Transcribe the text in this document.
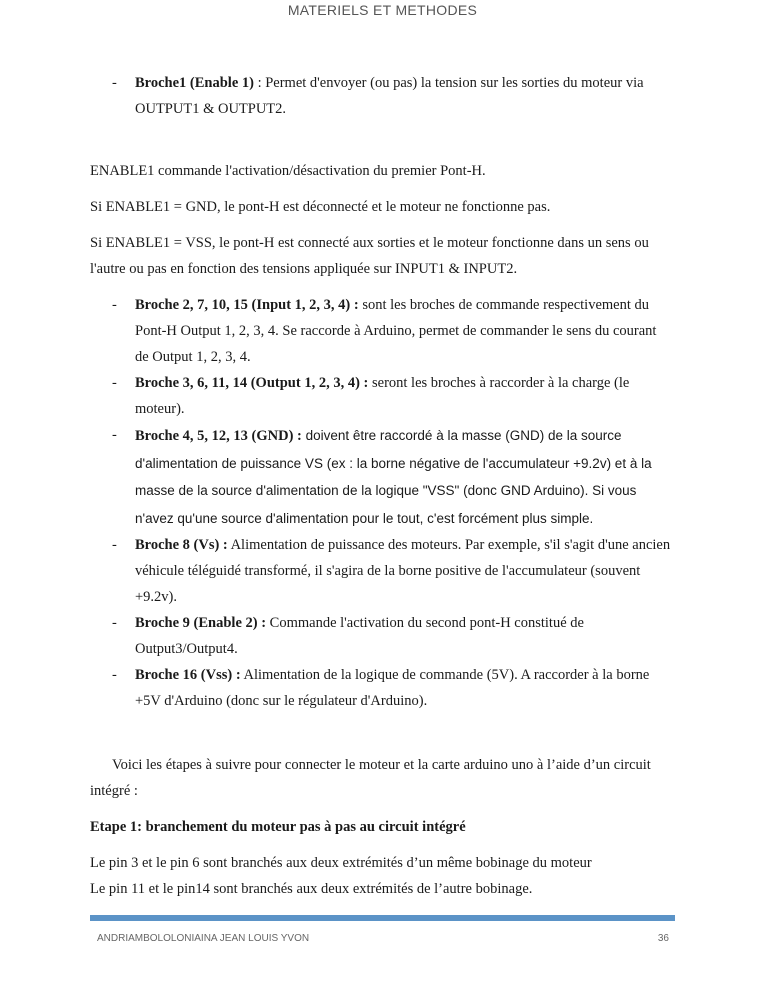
MATERIELS ET METHODES
- Broche1 (Enable 1) : Permet d'envoyer (ou pas) la tension sur les sorties du moteur via OUTPUT1 & OUTPUT2.

ENABLE1 commande l'activation/désactivation du premier Pont-H.

Si ENABLE1 = GND, le pont-H est déconnecté et le moteur ne fonctionne pas.

Si ENABLE1 = VSS, le pont-H est connecté aux sorties et le moteur fonctionne dans un sens ou l'autre ou pas en fonction des tensions appliquée sur INPUT1 & INPUT2.

- Broche 2, 7, 10, 15 (Input 1, 2, 3, 4) : sont les broches de commande respectivement du Pont-H Output 1, 2, 3, 4. Se raccorde à Arduino, permet de commander le sens du courant de Output 1, 2, 3, 4.
- Broche 3, 6, 11, 14 (Output 1, 2, 3, 4) : seront les broches à raccorder à la charge (le moteur).
- Broche 4, 5, 12, 13 (GND) : doivent être raccordé à la masse (GND) de la source d'alimentation de puissance VS (ex : la borne négative de l'accumulateur +9.2v) et à la masse de la source d'alimentation de la logique "VSS" (donc GND Arduino). Si vous n'avez qu'une source d'alimentation pour le tout, c'est forcément plus simple.
- Broche 8 (Vs) : Alimentation de puissance des moteurs. Par exemple, s'il s'agit d'une ancien véhicule téléguidé transformé, il s'agira de la borne positive de l'accumulateur (souvent +9.2v).
- Broche 9 (Enable 2) : Commande l'activation du second pont-H constitué de Output3/Output4.
- Broche 16 (Vss) : Alimentation de la logique de commande (5V). A raccorder à la borne +5V d'Arduino (donc sur le régulateur d'Arduino).

Voici les étapes à suivre pour connecter le moteur et la carte arduino uno à l’aide d’un circuit intégré :

Etape 1: branchement du moteur pas à pas au circuit intégré

Le pin 3 et le pin 6 sont branchés aux deux extrémités d’un même bobinage du moteur

Le pin 11 et le pin14 sont branchés aux deux extrémités de l’autre bobinage.

ANDRIAMBOLOLONIAINA JEAN LOUIS YVON	36
